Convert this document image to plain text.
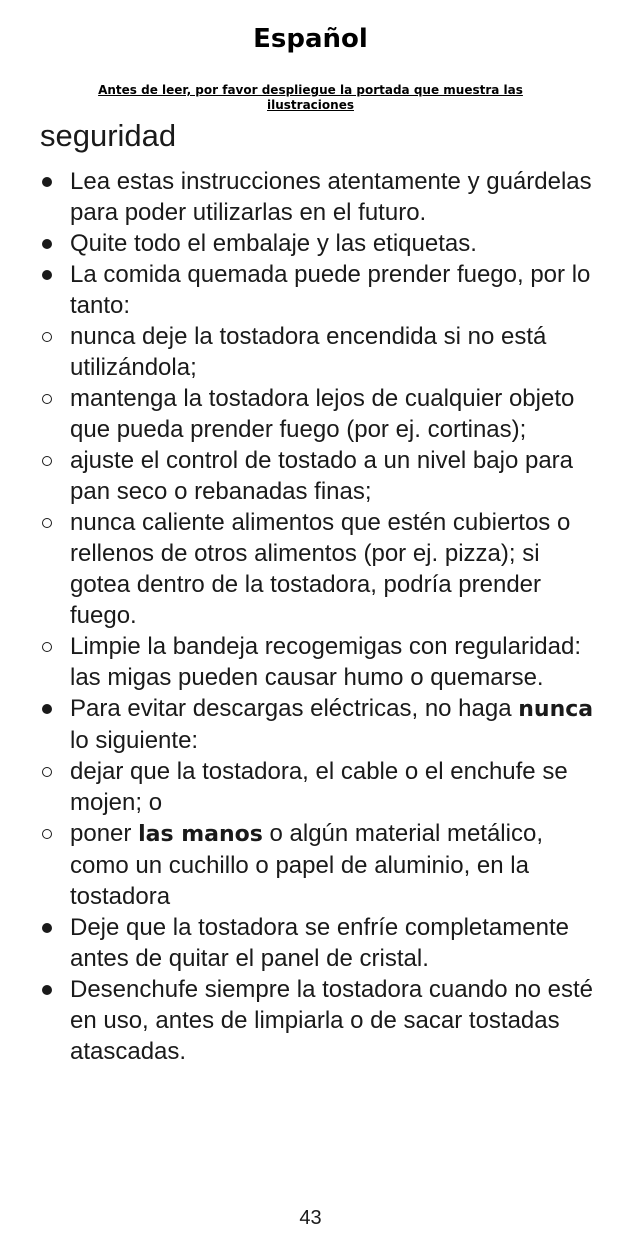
Español
Antes de leer, por favor despliegue la portada que muestra las ilustraciones
seguridad
Lea estas instrucciones atentamente y guárdelas para poder utilizarlas en el futuro.
Quite todo el embalaje y las etiquetas.
La comida quemada puede prender fuego, por lo tanto:
nunca deje la tostadora encendida si no está utilizándola;
mantenga la tostadora lejos de cualquier objeto que pueda prender fuego (por ej. cortinas);
ajuste el control de tostado a un nivel bajo para pan seco o rebanadas finas;
nunca caliente alimentos que estén cubiertos o rellenos de otros alimentos (por ej. pizza); si gotea dentro de la tostadora, podría prender fuego.
Limpie la bandeja recogemigas con regularidad: las migas pueden causar humo o quemarse.
Para evitar descargas eléctricas, no haga nunca lo siguiente:
dejar que la tostadora, el cable o el enchufe se mojen; o
poner las manos o algún material metálico, como un cuchillo o papel de aluminio, en la tostadora
Deje que la tostadora se enfríe completamente antes de quitar el panel de cristal.
Desenchufe siempre la tostadora cuando no esté en uso, antes de limpiarla o de sacar tostadas atascadas.
43
